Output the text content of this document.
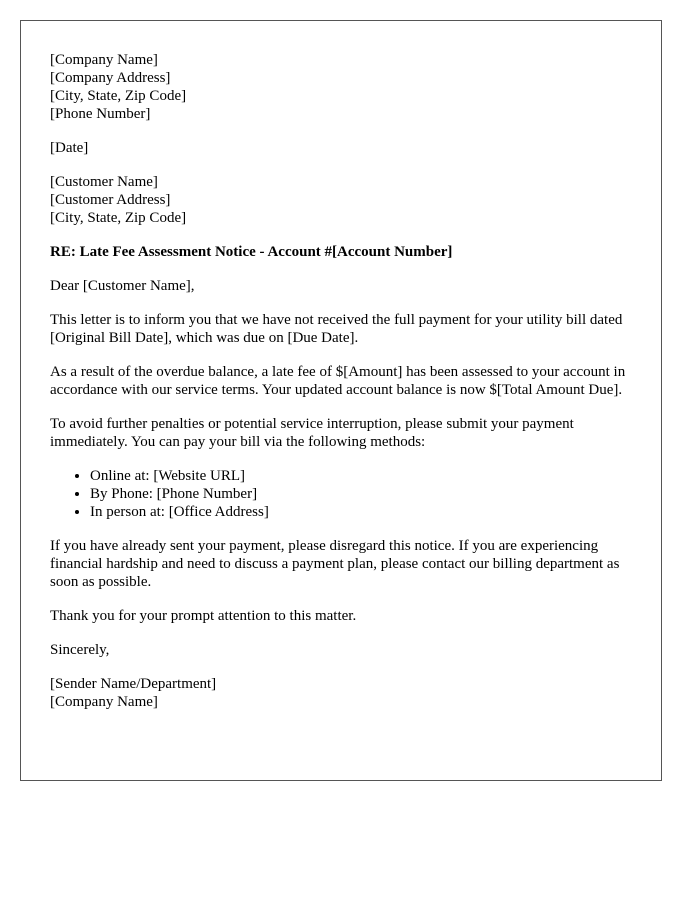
[Company Name]
[Company Address]
[City, State, Zip Code]
[Phone Number]

[Date]

[Customer Name]
[Customer Address]
[City, State, Zip Code]

RE: Late Fee Assessment Notice - Account #[Account Number]

Dear [Customer Name],

This letter is to inform you that we have not received the full payment for your utility bill dated [Original Bill Date], which was due on [Due Date].

As a result of the overdue balance, a late fee of $[Amount] has been assessed to your account in accordance with our service terms. Your updated account balance is now $[Total Amount Due].

To avoid further penalties or potential service interruption, please submit your payment immediately. You can pay your bill via the following methods:

• Online at: [Website URL]
• By Phone: [Phone Number]
• In person at: [Office Address]

If you have already sent your payment, please disregard this notice. If you are experiencing financial hardship and need to discuss a payment plan, please contact our billing department as soon as possible.

Thank you for your prompt attention to this matter.

Sincerely,

[Sender Name/Department]
[Company Name]
